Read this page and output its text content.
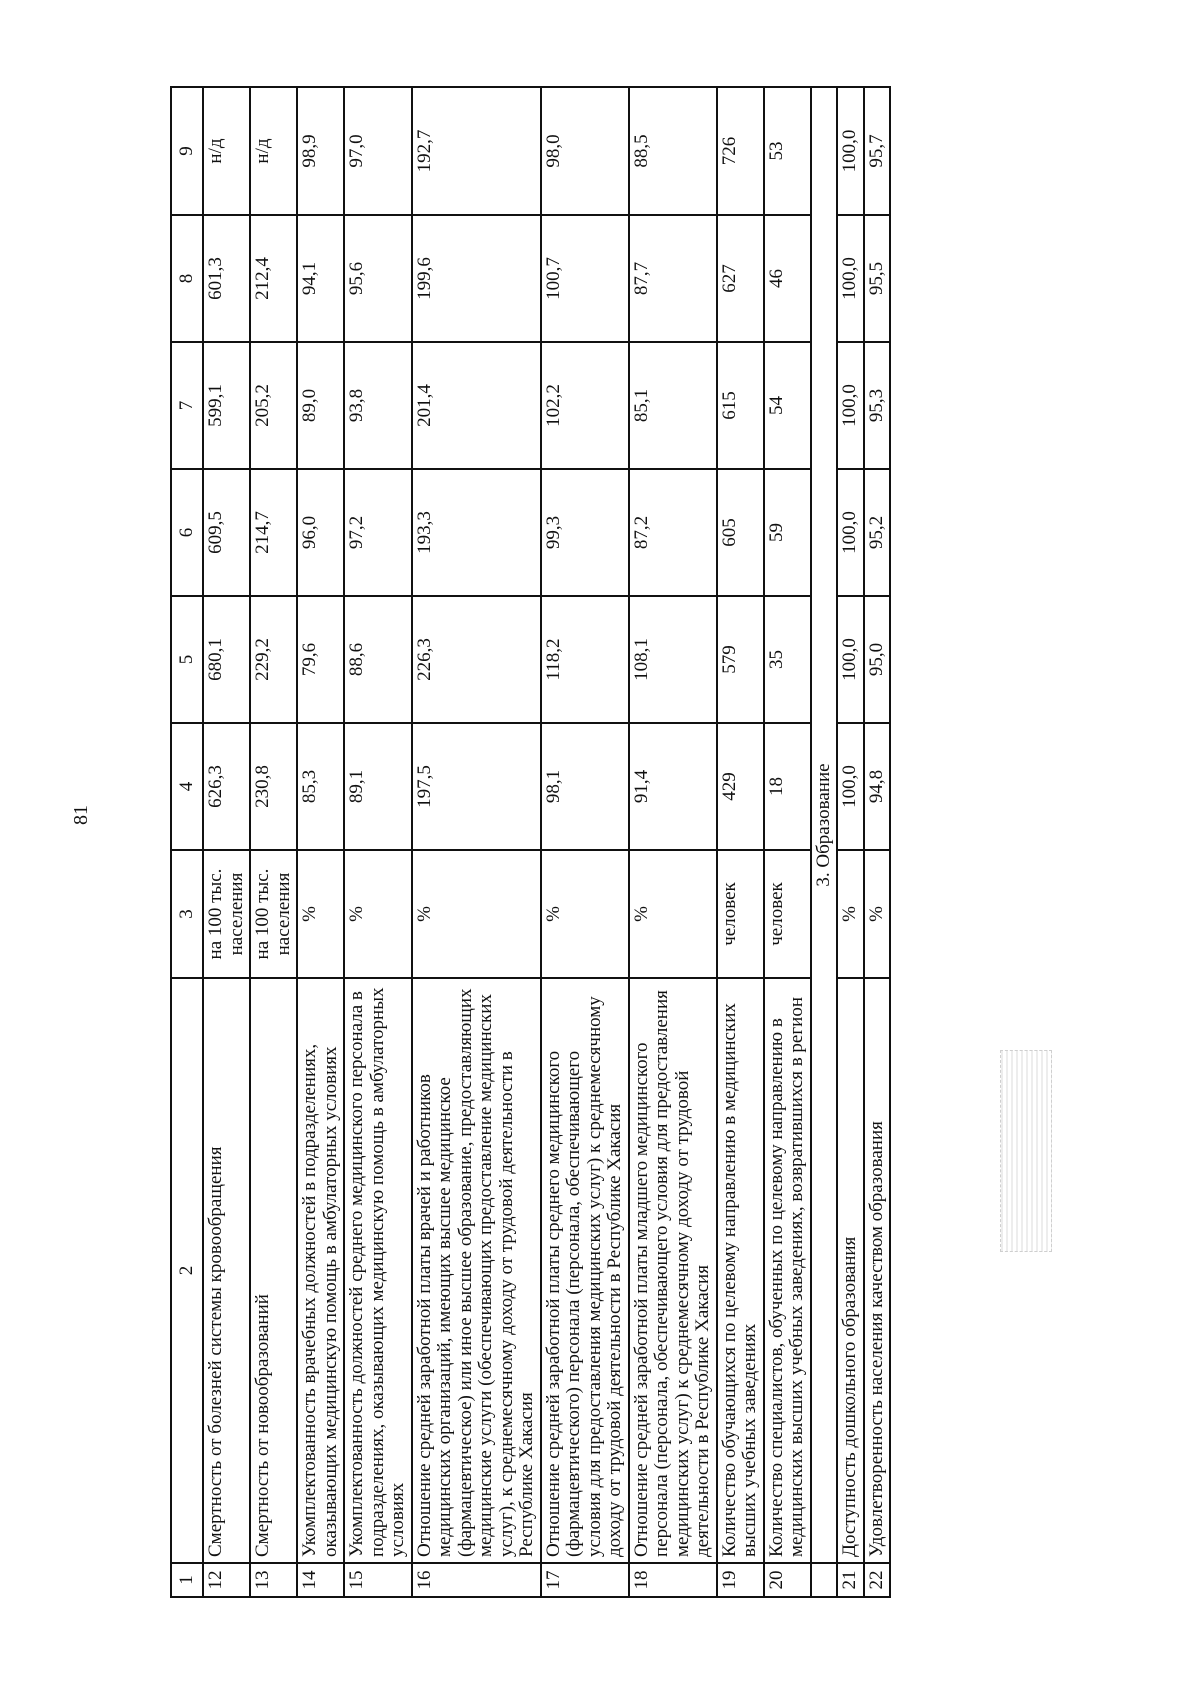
81
1	2	3	4	5	6	7	8	9
12	Смертность от болезней системы кровообращения	на 100 тыс. населения	626,3	680,1	609,5	599,1	601,3	н/д
13	Смертность от новообразований	на 100 тыс. населения	230,8	229,2	214,7	205,2	212,4	н/д
14	Укомплектованность врачебных должностей в подразделениях, оказывающих медицинскую помощь в амбулаторных условиях	%	85,3	79,6	96,0	89,0	94,1	98,9
15	Укомплектованность должностей среднего медицинского персонала в подразделениях, оказывающих медицинскую помощь в амбулаторных условиях	%	89,1	88,6	97,2	93,8	95,6	97,0
16	Отношение средней заработной платы врачей и работников медицинских организаций, имеющих высшее медицинское (фармацевтическое) или иное высшее образование, предоставляющих медицинские услуги (обеспечивающих предоставление медицинских услуг), к среднемесячному доходу от трудовой деятельности в Республике Хакасия	%	197,5	226,3	193,3	201,4	199,6	192,7
17	Отношение средней заработной платы среднего медицинского (фармацевтического) персонала (персонала, обеспечивающего условия для предоставления медицинских услуг) к среднемесячному доходу от трудовой деятельности в Республике Хакасия	%	98,1	118,2	99,3	102,2	100,7	98,0
18	Отношение средней заработной платы младшего медицинского персонала (персонала, обеспечивающего условия для предоставления медицинских услуг) к среднемесячному доходу от трудовой деятельности в Республике Хакасия	%	91,4	108,1	87,2	85,1	87,7	88,5
19	Количество обучающихся по целевому направлению в медицинских высших учебных заведениях	человек	429	579	605	615	627	726
20	Количество специалистов, обученных по целевому направлению в медицинских высших учебных заведениях, возвратившихся в регион	человек	18	35	59	54	46	53
	3. Образование							
21	Доступность дошкольного образования	%	100,0	100,0	100,0	100,0	100,0	100,0
22	Удовлетворенность населения качеством образования	%	94,8	95,0	95,2	95,3	95,5	95,7
